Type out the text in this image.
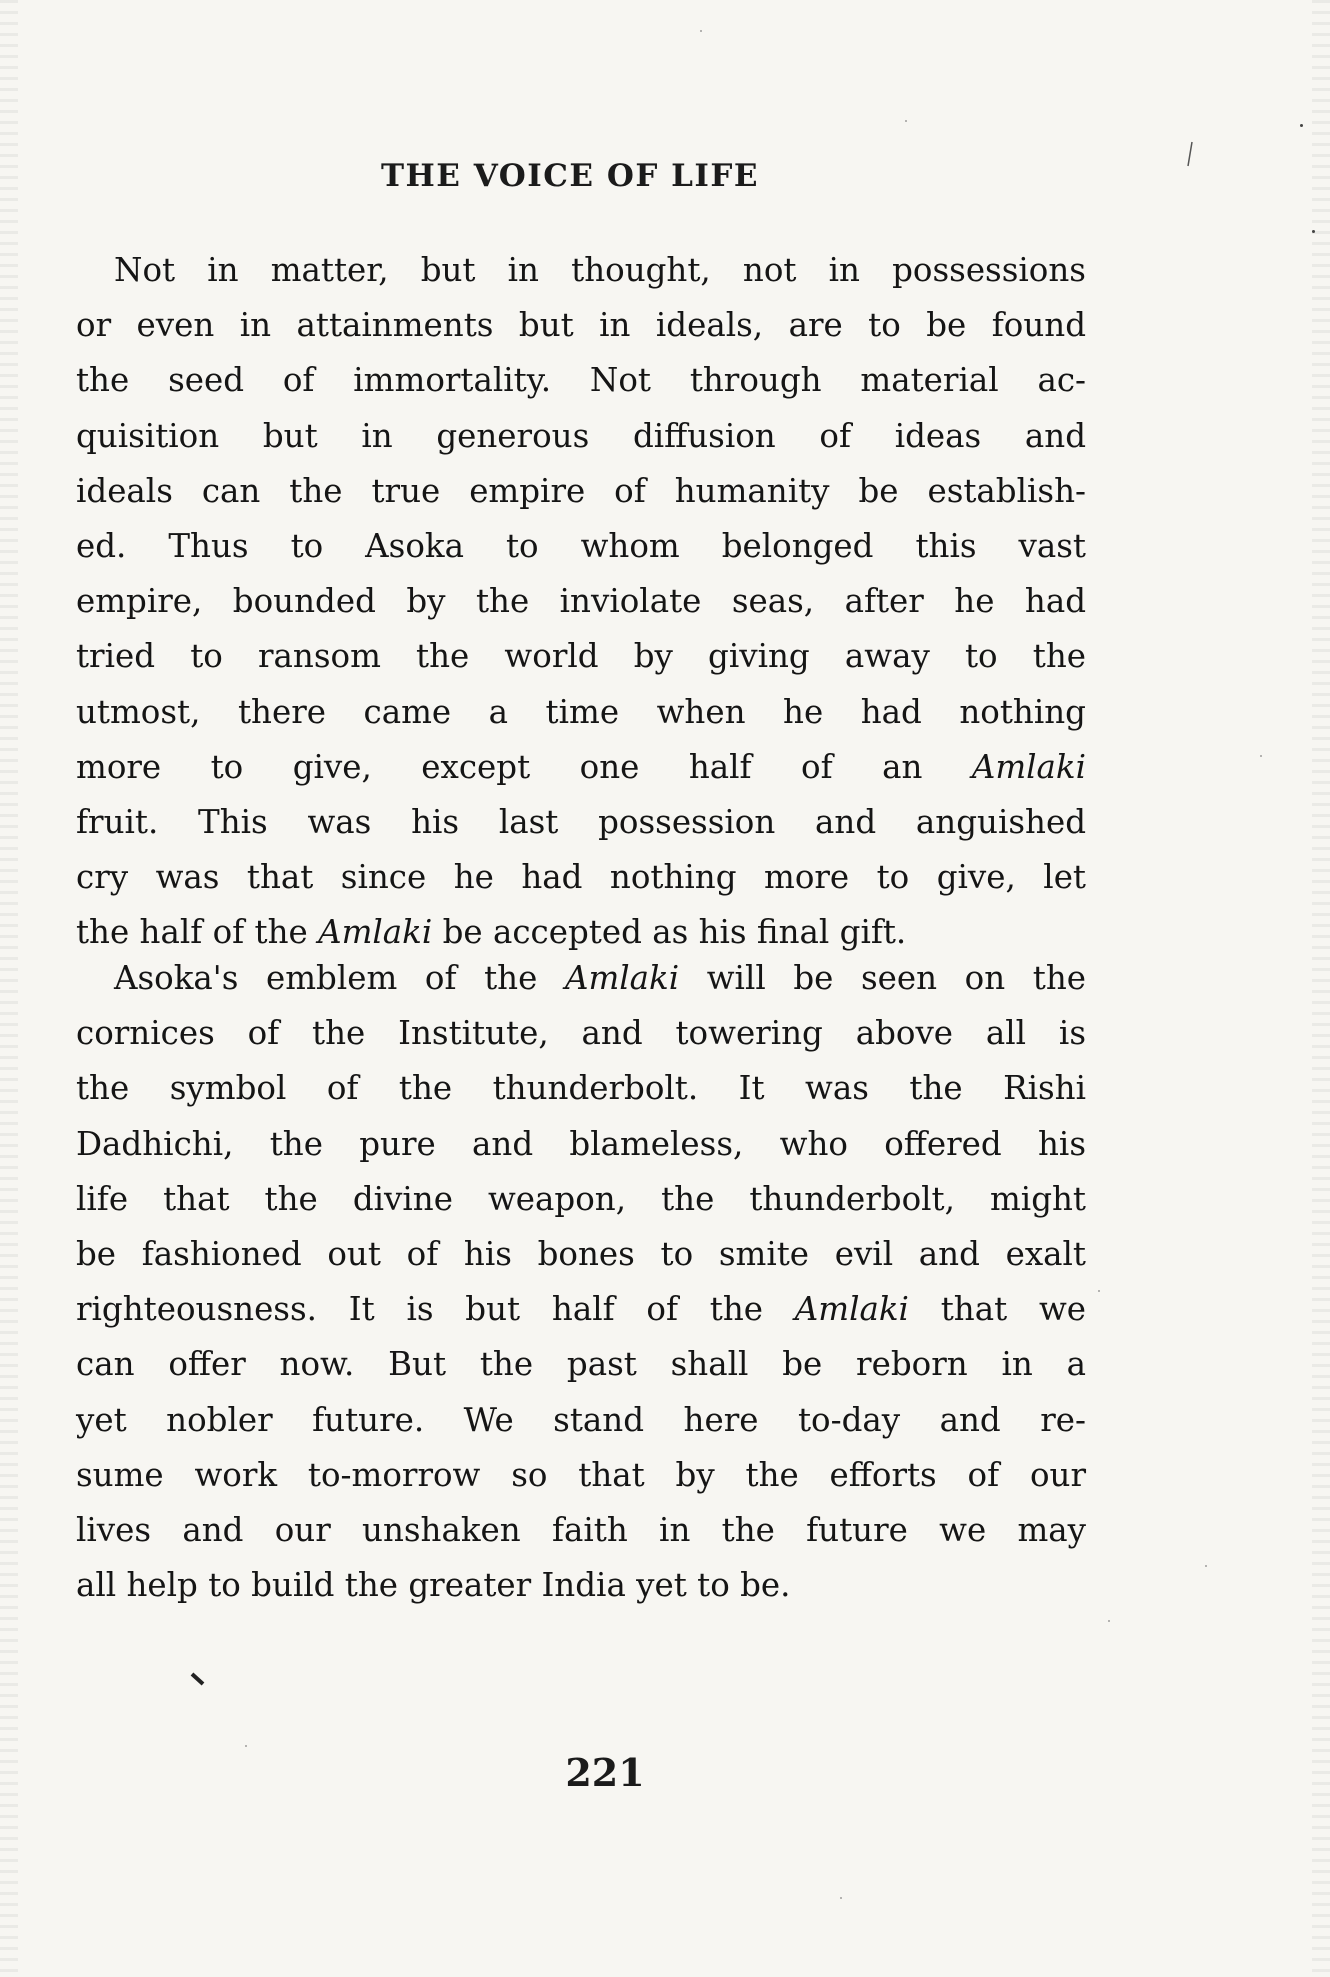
THE VOICE OF LIFE
Not in matter, but in thought, not in possessions
or even in attainments but in ideals, are to be found
the seed of immortality. Not through material ac-
quisition but in generous diffusion of ideas and
ideals can the true empire of humanity be establish-
ed. Thus to Asoka to whom belonged this vast
empire, bounded by the inviolate seas, after he had
tried to ransom the world by giving away to the
utmost, there came a time when he had nothing
more to give, except one half of an Amlaki
fruit. This was his last possession and anguished
cry was that since he had nothing more to give, let
the half of the Amlaki be accepted as his final gift.
Asoka's emblem of the Amlaki will be seen on the
cornices of the Institute, and towering above all is
the symbol of the thunderbolt. It was the Rishi
Dadhichi, the pure and blameless, who offered his
life that the divine weapon, the thunderbolt, might
be fashioned out of his bones to smite evil and exalt
righteousness. It is but half of the Amlaki that we
can offer now. But the past shall be reborn in a
yet nobler future. We stand here to-day and re-
sume work to-morrow so that by the efforts of our
lives and our unshaken faith in the future we may
all help to build the greater India yet to be.
221
